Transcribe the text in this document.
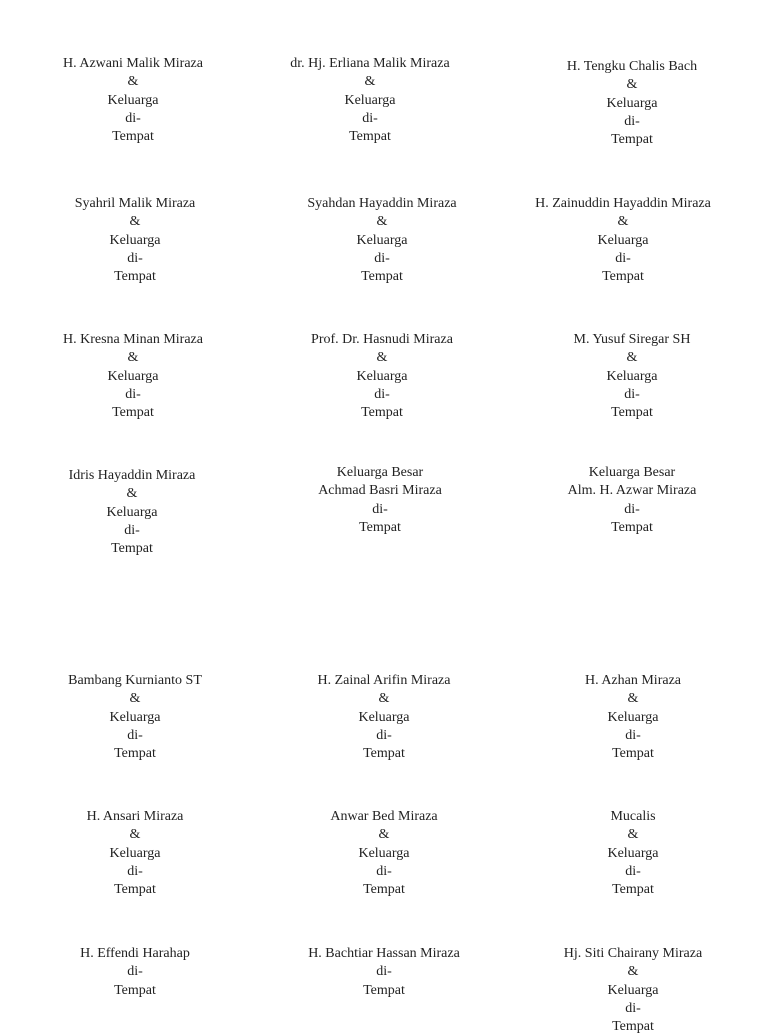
H. Azwani Malik Miraza
&
Keluarga
di-
Tempat
dr. Hj. Erliana Malik Miraza
&
Keluarga
di-
Tempat
H. Tengku Chalis Bach
&
Keluarga
di-
Tempat
Syahril Malik Miraza
&
Keluarga
di-
Tempat
Syahdan Hayaddin Miraza
&
Keluarga
di-
Tempat
H. Zainuddin Hayaddin Miraza
&
Keluarga
di-
Tempat
H. Kresna Minan Miraza
&
Keluarga
di-
Tempat
Prof. Dr. Hasnudi Miraza
&
Keluarga
di-
Tempat
M. Yusuf Siregar SH
&
Keluarga
di-
Tempat
Idris Hayaddin Miraza
&
Keluarga
di-
Tempat
Keluarga Besar
Achmad Basri Miraza
di-
Tempat
Keluarga Besar
Alm. H. Azwar Miraza
di-
Tempat
Bambang Kurnianto ST
&
Keluarga
di-
Tempat
H. Zainal Arifin Miraza
&
Keluarga
di-
Tempat
H. Azhan Miraza
&
Keluarga
di-
Tempat
H. Ansari Miraza
&
Keluarga
di-
Tempat
Anwar Bed Miraza
&
Keluarga
di-
Tempat
Mucalis
&
Keluarga
di-
Tempat
H. Effendi Harahap
di-
Tempat
H. Bachtiar Hassan Miraza
di-
Tempat
Hj. Siti Chairany Miraza
&
Keluarga
di-
Tempat
